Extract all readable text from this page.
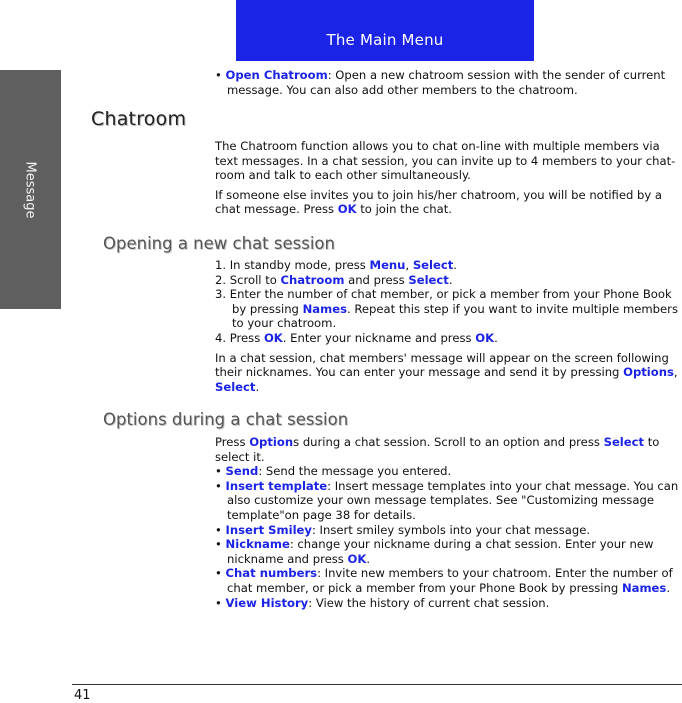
The Main Menu
Message

• Open Chatroom: Open a new chatroom session with the sender of current message. You can also add other members to the chatroom.

Chatroom

The Chatroom function allows you to chat on-line with multiple members via text messages. In a chat session, you can invite up to 4 members to your chat-room and talk to each other simultaneously.

If someone else invites you to join his/her chatroom, you will be notified by a chat message. Press OK to join the chat.

Opening a new chat session

1. In standby mode, press Menu, Select.

2. Scroll to Chatroom and press Select.

3. Enter the number of chat member, or pick a member from your Phone Book by pressing Names. Repeat this step if you want to invite multiple members to your chatroom.

4. Press OK. Enter your nickname and press OK.

In a chat session, chat members' message will appear on the screen following their nicknames. You can enter your message and send it by pressing Options, Select.

Options during a chat session

Press Options during a chat session. Scroll to an option and press Select to select it.

• Send: Send the message you entered.

• Insert template: Insert message templates into your chat message. You can also customize your own message templates. See "Customizing message template"on page 38 for details.

• Insert Smiley: Insert smiley symbols into your chat message.

• Nickname: change your nickname during a chat session. Enter your new nickname and press OK.

• Chat numbers: Invite new members to your chatroom. Enter the number of chat member, or pick a member from your Phone Book by pressing Names.

• View History: View the history of current chat session.

41
